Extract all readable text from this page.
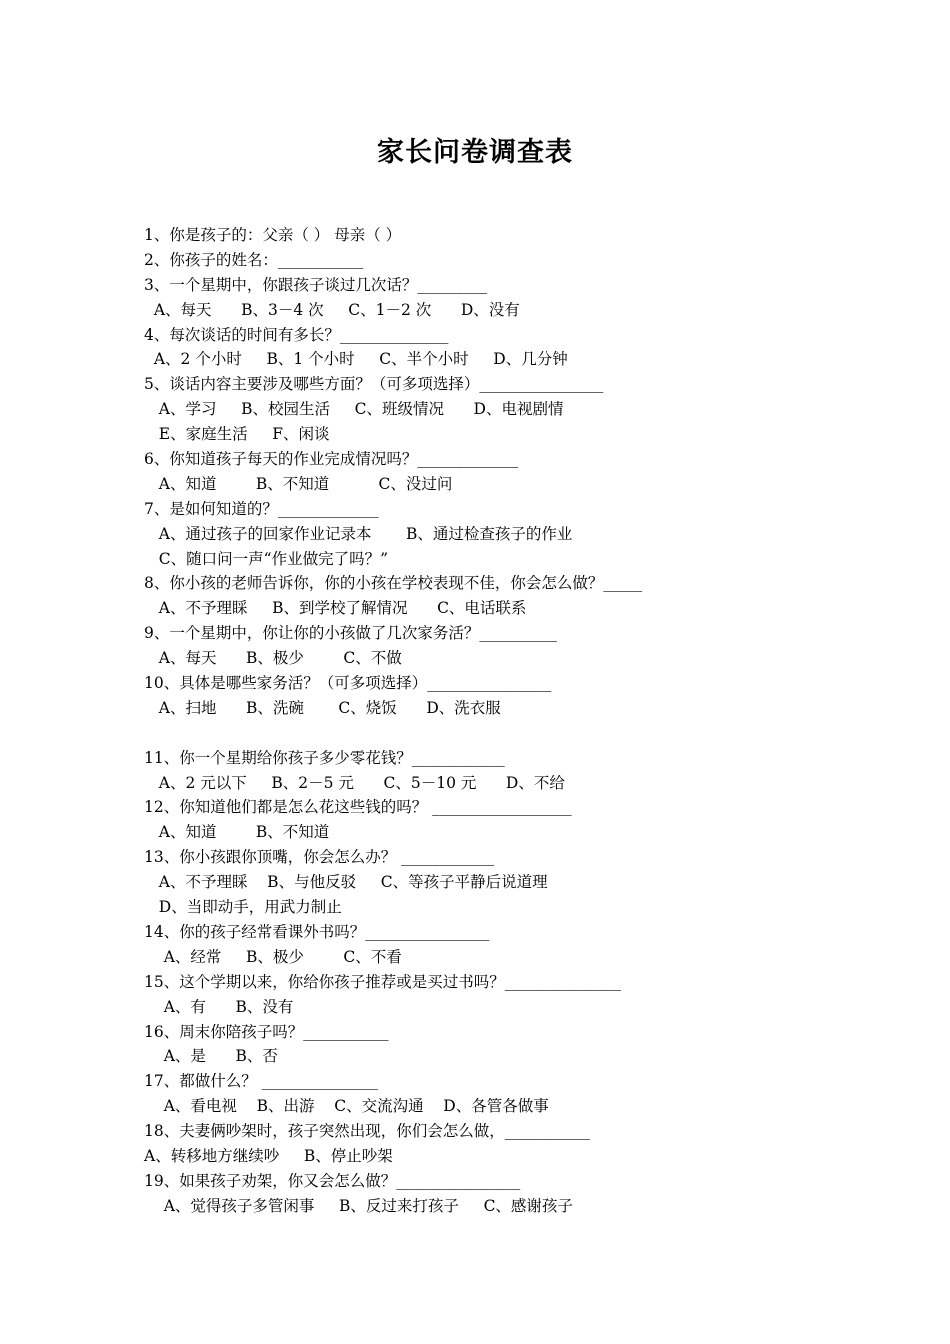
家长问卷调查表
1、你是孩子的：父亲（ ） 母亲（ ）
2、你孩子的姓名：___________
3、一个星期中，你跟孩子谈过几次话？_________
A、每天      B、3－4 次     C、1－2 次      D、没有
4、每次谈话的时间有多长？______________
A、2 个小时     B、1 个小时     C、半个小时     D、几分钟
5、谈话内容主要涉及哪些方面？（可多项选择）________________
A、学习     B、校园生活     C、班级情况      D、电视剧情
E、家庭生活     F、闲谈
6、你知道孩子每天的作业完成情况吗？_____________
A、知道        B、不知道          C、没过问
7、是如何知道的？_____________
A、通过孩子的回家作业记录本       B、通过检查孩子的作业
C、随口问一声“作业做完了吗？”
8、你小孩的老师告诉你，你的小孩在学校表现不佳，你会怎么做？_____
A、不予理睬     B、到学校了解情况      C、电话联系
9、一个星期中，你让你的小孩做了几次家务活？__________
A、每天      B、极少        C、不做
10、具体是哪些家务活？（可多项选择）________________
A、扫地      B、洗碗       C、烧饭      D、洗衣服
11、你一个星期给你孩子多少零花钱？____________
A、2 元以下     B、2－5 元      C、5－10 元      D、不给
12、你知道他们都是怎么花这些钱的吗？ __________________
A、知道        B、不知道
13、你小孩跟你顶嘴，你会怎么办？ ____________
A、不予理睬    B、与他反驳     C、等孩子平静后说道理
D、当即动手，用武力制止
14、你的孩子经常看课外书吗？________________
A、经常     B、极少        C、不看
15、这个学期以来，你给你孩子推荐或是买过书吗？_______________
A、有      B、没有
16、周末你陪孩子吗？___________
A、是      B、否
17、都做什么？ _______________
A、看电视    B、出游    C、交流沟通    D、各管各做事
18、夫妻俩吵架时，孩子突然出现，你们会怎么做，___________
A、转移地方继续吵     B、停止吵架
19、如果孩子劝架，你又会怎么做？________________
A、觉得孩子多管闲事     B、反过来打孩子     C、感谢孩子
